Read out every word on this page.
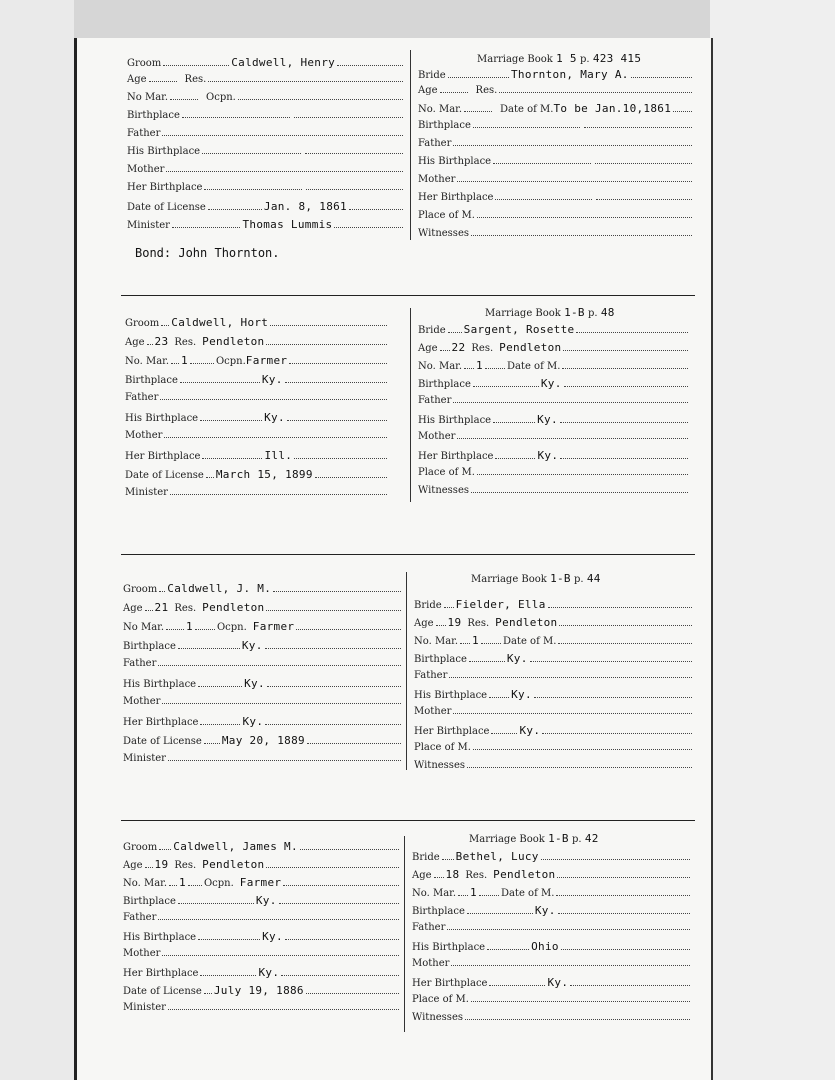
Marriage Book 1 5 p. 423 415
Groom	Caldwell, Henry
Age	Res.
No Mar.	Ocpn.
Birthplace
Father
His Birthplace
Mother
Her Birthplace
Date of License	Jan. 8, 1861
Minister	Thomas Lummis
Bride	Thornton, Mary A.
Age	Res.
No. Mar.	Date of M. To be Jan.10,1861
Birthplace
Father
His Birthplace
Mother
Her Birthplace
Place of M.
Witnesses
Bond: John Thornton.
Marriage Book 1-B p. 48
Groom Caldwell, Hort
Age 23 Res. Pendleton
No. Mar. 1	Ocpn. Farmer
Birthplace	Ky.
Father
His Birthplace	Ky.
Mother
Her Birthplace	Ill.
Date of License March 15, 1899
Minister
Bride Sargent, Rosette
Age 22 Res. Pendleton
No. Mar. 1 Date of M.
Birthplace	Ky.
Father
His Birthplace	Ky.
Mother
Her Birthplace	Ky.
Place of M.
Witnesses
Marriage Book 1-B p. 44
Groom Caldwell, J. M.
Age 21 Res. Pendleton
No Mar. 1 Ocpn. Farmer
Birthplace	Ky.
Father
His Birthplace	Ky.
Mother
Her Birthplace	Ky.
Date of License May 20, 1889
Minister
Bride Fielder, Ella
Age 19 Res. Pendleton
No. Mar. 1 Date of M.
Birthplace	Ky.
Father
His Birthplace Ky.
Mother
Her Birthplace	Ky.
Place of M.
Witnesses
Marriage Book 1-B p. 42
Groom Caldwell, James M.
Age 19 Res. Pendleton
No. Mar. 1 Ocpn. Farmer
Birthplace	Ky.
Father
His Birthplace	Ky.
Mother
Her Birthplace	Ky.
Date of License July 19, 1886
Minister
Bride Bethel, Lucy
Age 18 Res. Pendleton
No. Mar. 1 Date of M.
Birthplace	Ky.
Father
His Birthplace	Ohio
Mother
Her Birthplace	Ky.
Place of M.
Witnesses
